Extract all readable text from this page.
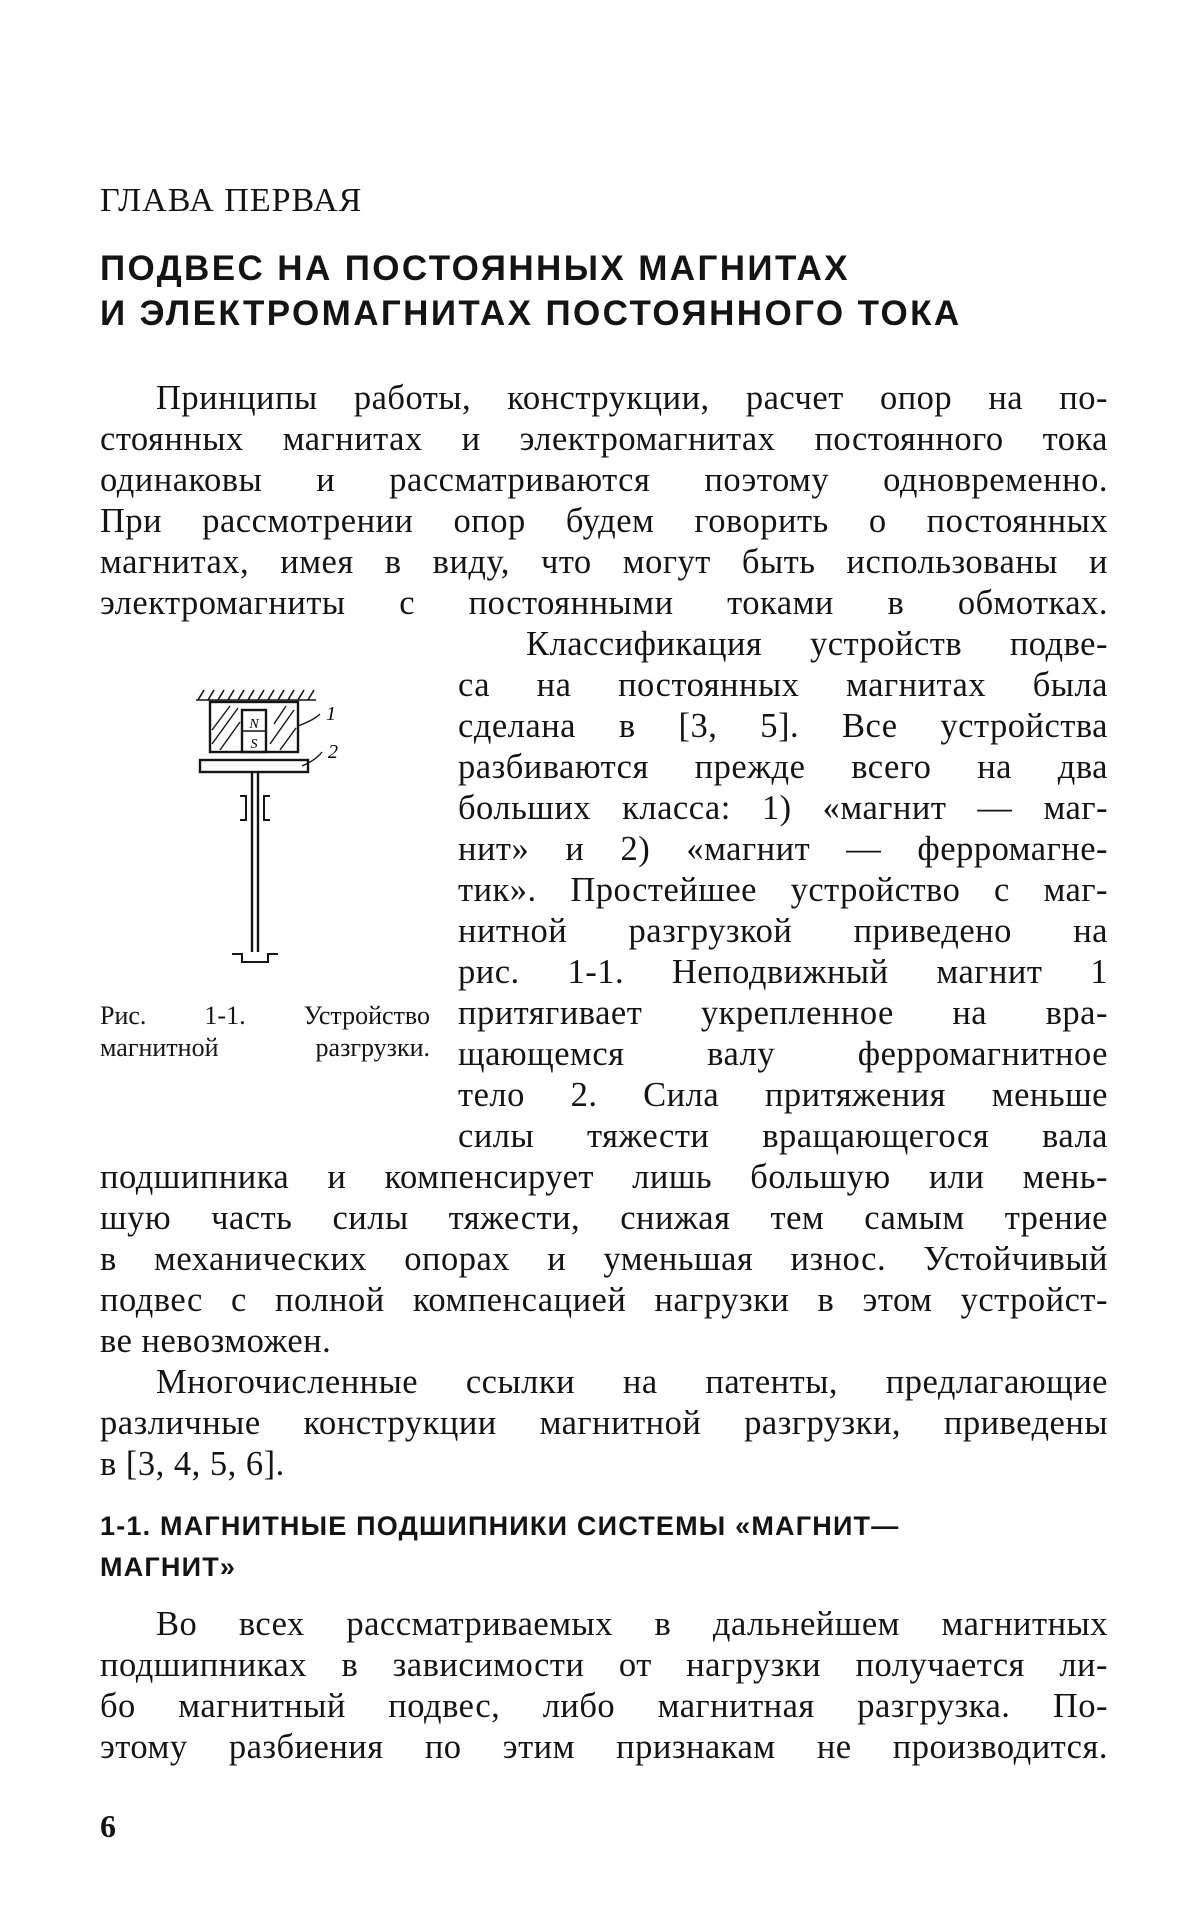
ГЛАВА ПЕРВАЯ
ПОДВЕС НА ПОСТОЯННЫХ МАГНИТАХ
И ЭЛЕКТРОМАГНИТАХ ПОСТОЯННОГО ТОКА
Принципы работы, конструкции, расчет опор на по-
стоянных магнитах и электромагнитах постоянного тока
одинаковы и рассматриваются поэтому одновременно.
При рассмотрении опор будем говорить о постоянных
магнитах, имея в виду, что могут быть использованы и
электромагниты с постоянными токами в обмотках.
Классификация устройств подве-
са на постоянных магнитах была
сделана в [3, 5]. Все устройства
разбиваются прежде всего на два
больших класса: 1) «магнит — маг-
нит» и 2) «магнит — ферромагне-
тик». Простейшее устройство с маг-
нитной разгрузкой приведено на
рис. 1-1. Неподвижный магнит 1
притягивает укрепленное на вра-
щающемся валу ферромагнитное
тело 2. Сила притяжения меньше
силы тяжести вращающегося вала
подшипника и компенсирует лишь большую или мень-
шую часть силы тяжести, снижая тем самым трение
в механических опорах и уменьшая износ. Устойчивый
подвес с полной компенсацией нагрузки в этом устройст-
ве невозможен.
Многочисленные ссылки на патенты, предлагающие
различные конструкции магнитной разгрузки, приведены
в [3, 4, 5, 6].
1-1. МАГНИТНЫЕ ПОДШИПНИКИ СИСТЕМЫ «МАГНИТ—
МАГНИТ»
Во всех рассматриваемых в дальнейшем магнитных
подшипниках в зависимости от нагрузки получается ли-
бо магнитный подвес, либо магнитная разгрузка. По-
этому разбиения по этим признакам не производится.
N
S
1
2
Рис. 1-1. Устройство
магнитной разгрузки.
6
